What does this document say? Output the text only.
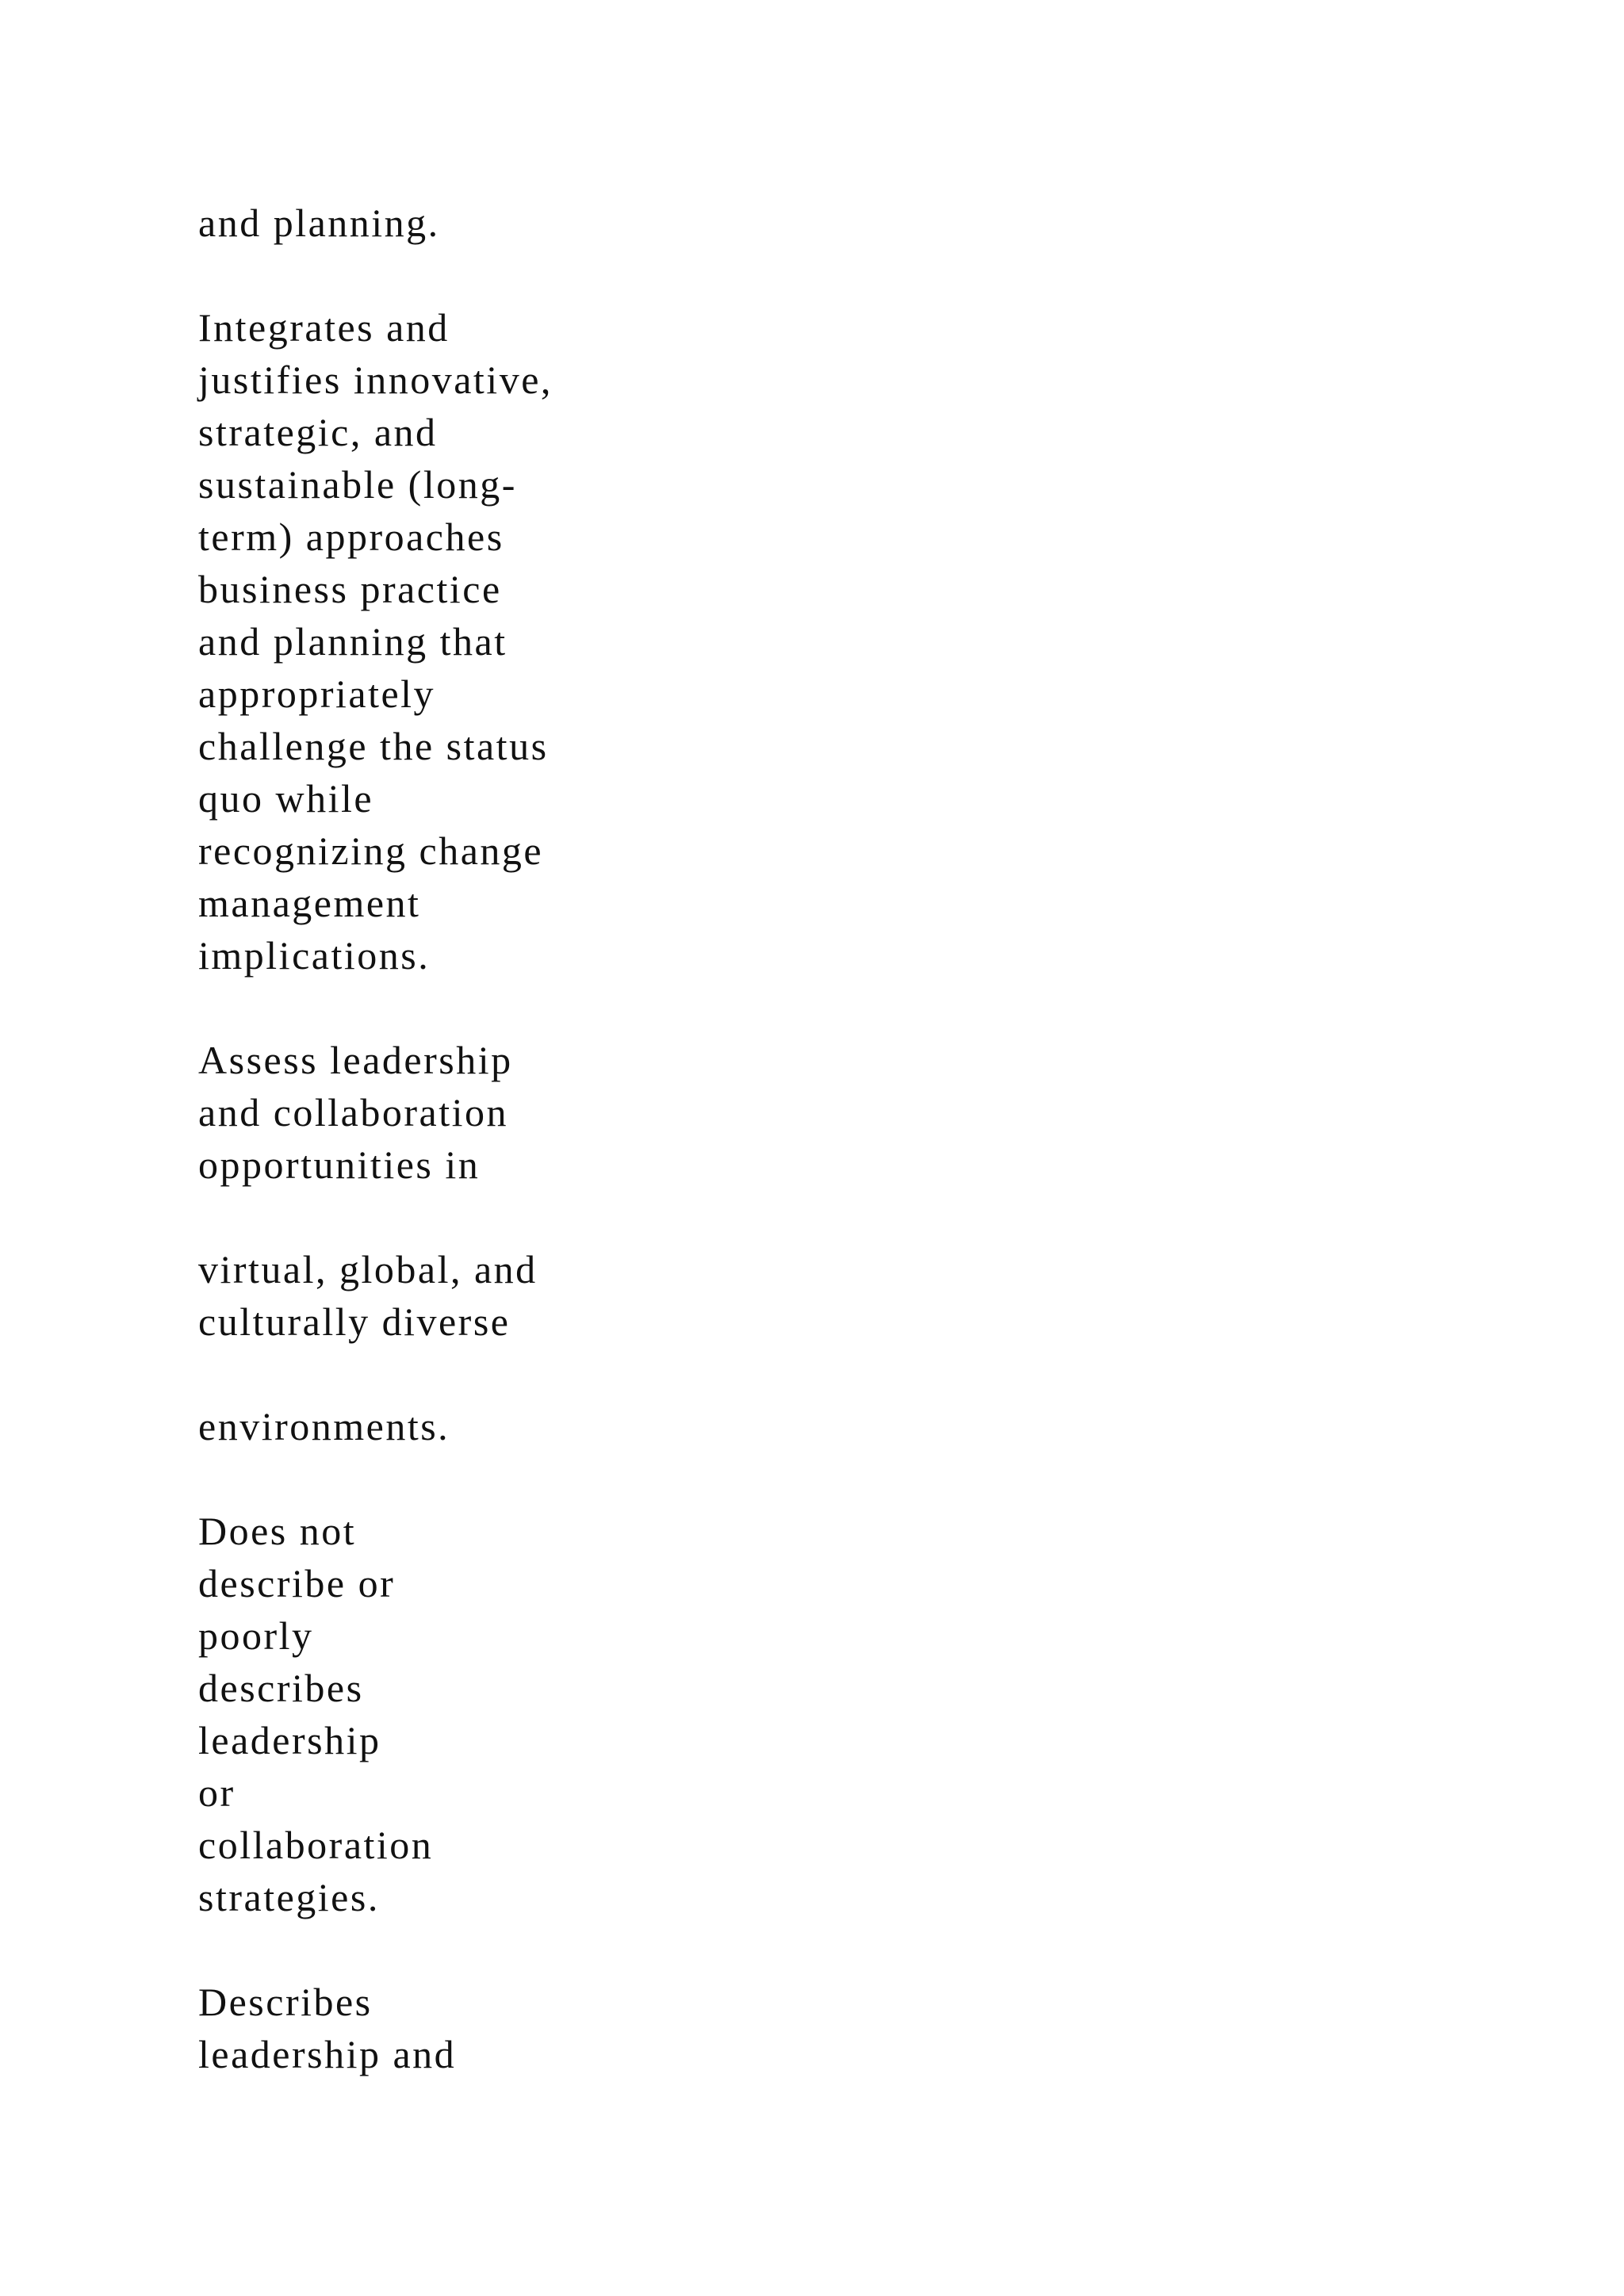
and planning.
Integrates and
justifies innovative,
strategic, and
sustainable (long-
term) approaches
business practice
and planning that
appropriately
challenge the status
quo while
recognizing change
management
implications.
Assess leadership
and collaboration
opportunities in
virtual, global, and
culturally diverse
environments.
Does not
describe or
poorly
describes
leadership
or
collaboration
strategies.
Describes
leadership and
